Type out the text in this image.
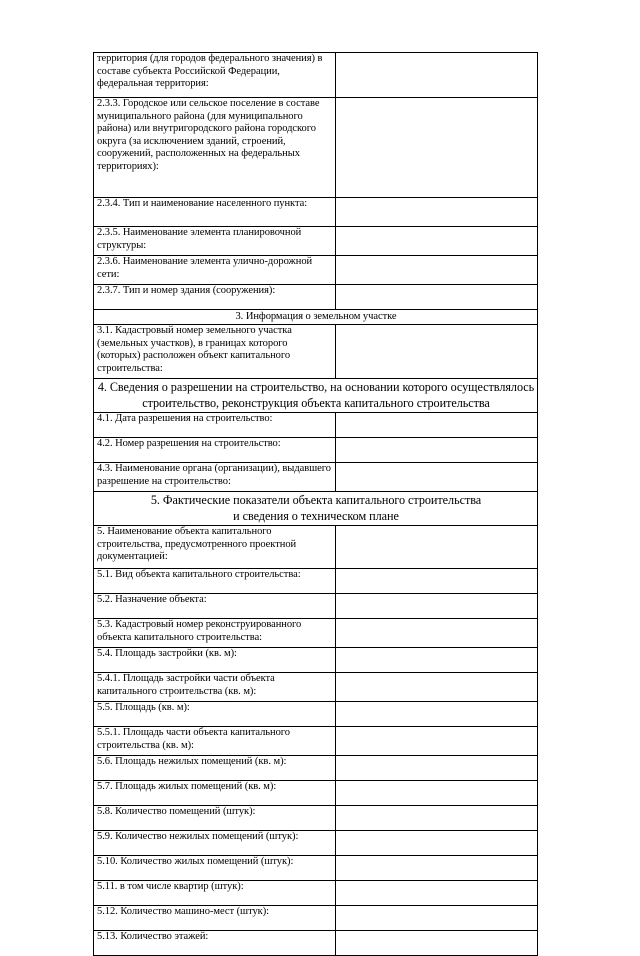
территория (для городов федерального значения) в составе субъекта Российской Федерации, федеральная территория:	
2.3.3. Городское или сельское поселение в составе муниципального района (для муниципального района) или внутригородского района городского округа (за исключением зданий, строений, сооружений, расположенных на федеральных территориях):	
2.3.4. Тип и наименование населенного пункта:	
2.3.5. Наименование элемента планировочной структуры:	
2.3.6. Наименование элемента улично-дорожной сети:	
2.3.7. Тип и номер здания (сооружения):	
3. Информация о земельном участке	
3.1. Кадастровый номер земельного участка (земельных участков), в границах которого (которых) расположен объект капитального строительства:	
4. Сведения о разрешении на строительство, на основании которого осуществлялось
строительство, реконструкция объекта капитального строительства	
4.1. Дата разрешения на строительство:	
4.2. Номер разрешения на строительство:	
4.3. Наименование органа (организации), выдавшего разрешение на строительство:	
5. Фактические показатели объекта капитального строительства
и сведения о техническом плане	
5. Наименование объекта капитального строительства, предусмотренного проектной документацией:	
5.1. Вид объекта капитального строительства:	
5.2. Назначение объекта:	
5.3. Кадастровый номер реконструированного объекта капитального строительства:	
5.4. Площадь застройки (кв. м):	
5.4.1. Площадь застройки части объекта капитального строительства (кв. м):	
5.5. Площадь (кв. м):	
5.5.1. Площадь части объекта капитального строительства (кв. м):	
5.6. Площадь нежилых помещений (кв. м):	
5.7. Площадь жилых помещений (кв. м):	
5.8. Количество помещений (штук):	
5.9. Количество нежилых помещений (штук):	
5.10. Количество жилых помещений (штук):	
5.11. в том числе квартир (штук):	
5.12. Количество машино-мест (штук):	
5.13. Количество этажей:	
